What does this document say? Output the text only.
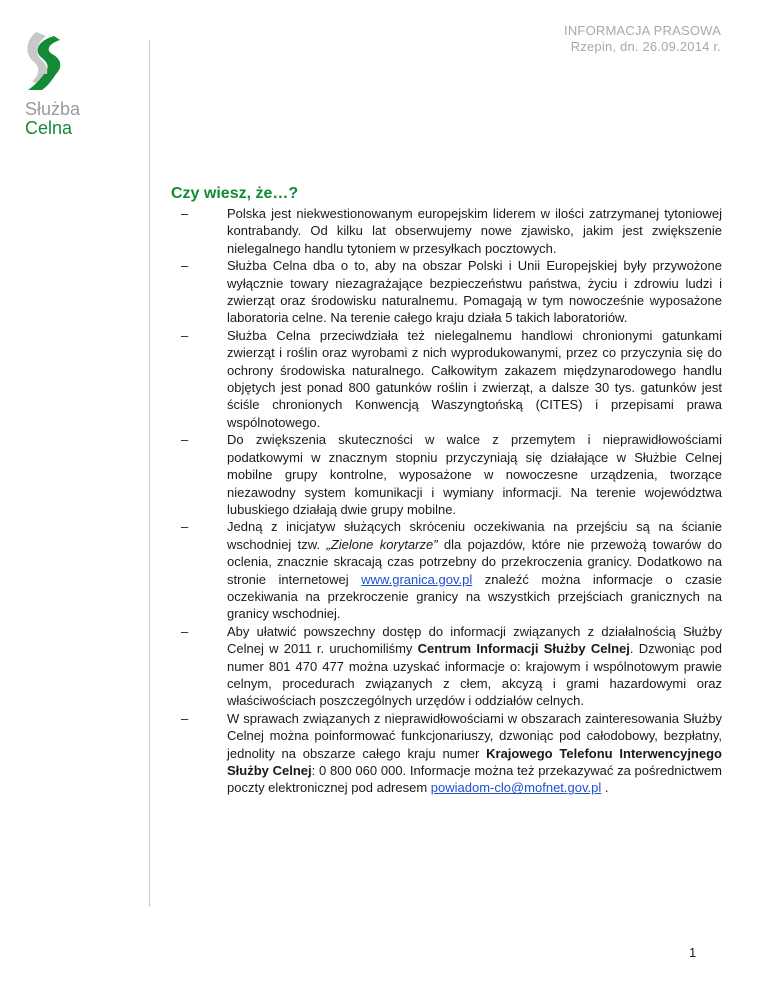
Służba
Celna
INFORMACJA PRASOWA
Rzepin, dn. 26.09.2014 r.
Czy wiesz, że…?
–	Polska jest niekwestionowanym europejskim liderem w ilości zatrzymanej tytoniowej kontrabandy. Od kilku lat obserwujemy nowe zjawisko, jakim jest zwiększenie nielegalnego handlu tytoniem w przesyłkach pocztowych.
–	Służba Celna dba o to, aby na obszar Polski i Unii Europejskiej były przywożone wyłącznie towary niezagrażające bezpieczeństwu państwa, życiu i zdrowiu ludzi i zwierząt oraz środowisku naturalnemu. Pomagają w tym nowocześnie wyposażone laboratoria celne. Na terenie całego kraju działa 5 takich laboratoriów.
–	Służba Celna przeciwdziała też nielegalnemu handlowi chronionymi gatunkami zwierząt i roślin oraz wyrobami z nich wyprodukowanymi, przez co przyczynia się do ochrony środowiska naturalnego. Całkowitym zakazem międzynarodowego handlu objętych jest ponad 800 gatunków roślin i zwierząt, a dalsze 30 tys. gatunków jest ściśle chronionych Konwencją Waszyngtońską (CITES) i przepisami prawa wspólnotowego.
–	Do zwiększenia skuteczności w walce z przemytem i nieprawidłowościami podatkowymi w znacznym stopniu przyczyniają się działające w Służbie Celnej mobilne grupy kontrolne, wyposażone w nowoczesne urządzenia, tworzące niezawodny system komunikacji i wymiany informacji. Na terenie województwa lubuskiego działają dwie grupy mobilne.
–	Jedną z inicjatyw służących skróceniu oczekiwania na przejściu są na ścianie wschodniej tzw. „Zielone korytarze” dla pojazdów, które nie przewożą towarów do oclenia, znacznie skracają czas potrzebny do przekroczenia granicy. Dodatkowo na stronie internetowej www.granica.gov.pl znaleźć można informacje o czasie oczekiwania na przekroczenie granicy na wszystkich przejściach granicznych na granicy wschodniej.
–	Aby ułatwić powszechny dostęp do informacji związanych z działalnością Służby Celnej w 2011 r. uruchomiliśmy Centrum Informacji Służby Celnej. Dzwoniąc pod numer 801 470 477 można uzyskać informacje o: krajowym i wspólnotowym prawie celnym, procedurach związanych z cłem, akcyzą i grami hazardowymi oraz właściwościach poszczególnych urzędów i oddziałów celnych.
–	W sprawach związanych z nieprawidłowościami w obszarach zainteresowania Służby Celnej można poinformować funkcjonariuszy, dzwoniąc pod całodobowy, bezpłatny, jednolity na obszarze całego kraju numer Krajowego Telefonu Interwencyjnego Służby Celnej: 0 800 060 000. Informacje można też przekazywać za pośrednictwem poczty elektronicznej pod adresem powiadom-clo@mofnet.gov.pl .
1
